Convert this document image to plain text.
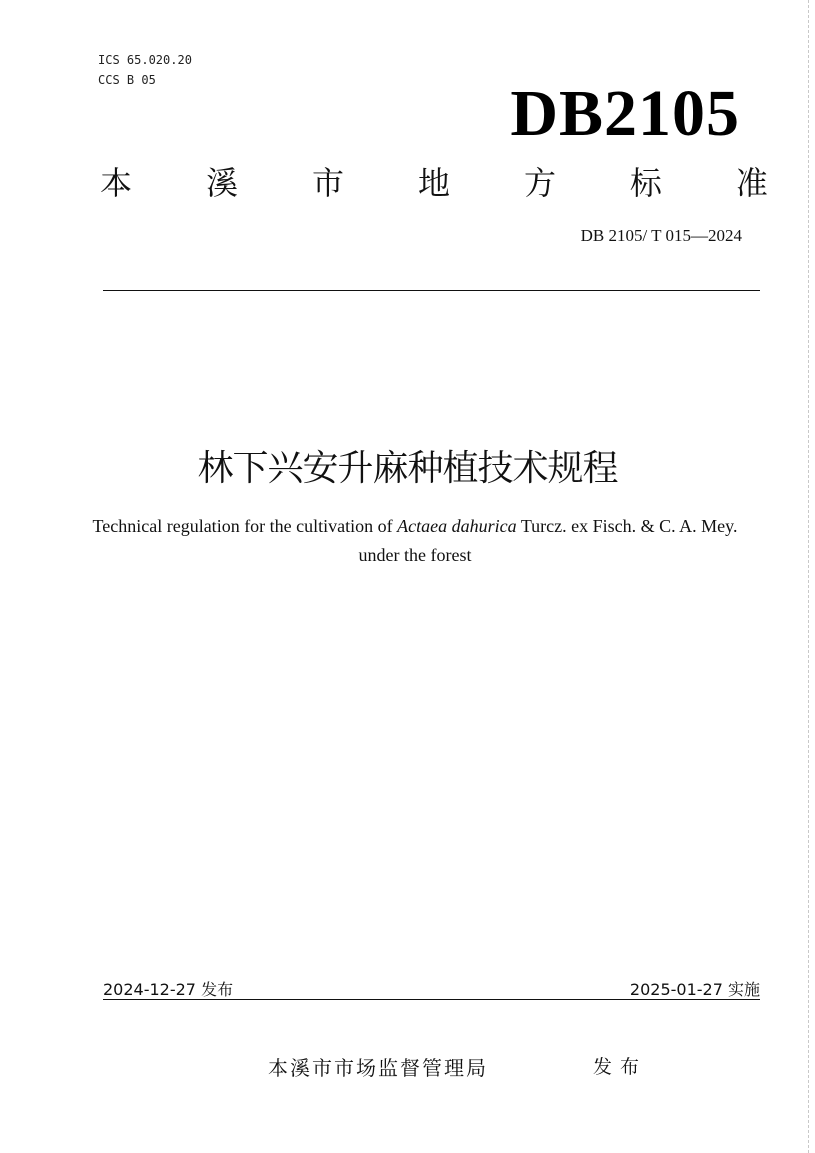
ICS 65.020.20
CCS B 05	DB2105
本 溪 市 地 方 标 准
DB 2105/ T 015—2024
林下兴安升麻种植技术规程
Technical regulation for the cultivation of Actaea dahurica Turcz. ex Fisch. & C. A. Mey. under the forest
2024-12-27 发布	2025-01-27 实施
本溪市市场监督管理局	发布
